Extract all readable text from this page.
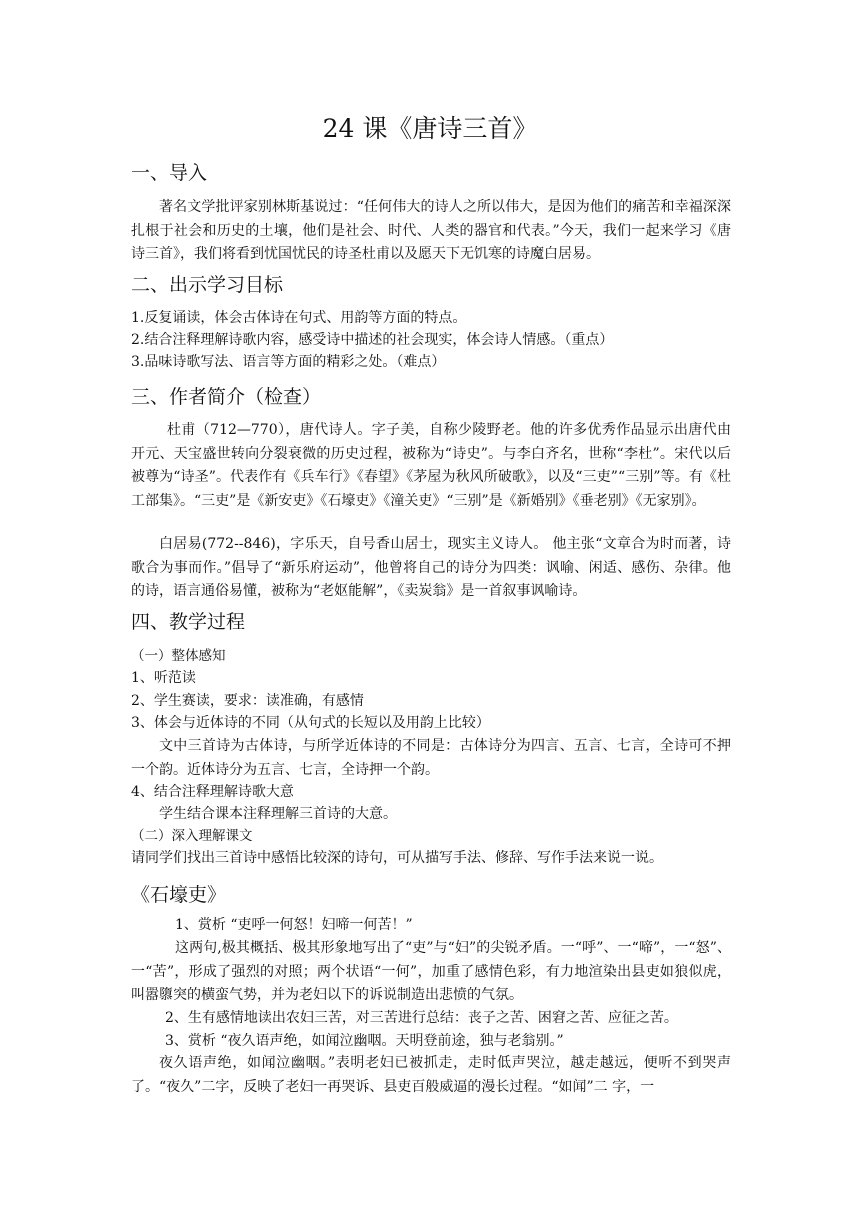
24 课《唐诗三首》
一、导入
著名文学批评家别林斯基说过：“任何伟大的诗人之所以伟大，是因为他们的痛苦和幸福深深扎根于社会和历史的土壤，他们是社会、时代、人类的器官和代表。”今天，我们一起来学习《唐诗三首》，我们将看到忧国忧民的诗圣杜甫以及愿天下无饥寒的诗魔白居易。
二、出示学习目标
1.反复诵读，体会古体诗在句式、用韵等方面的特点。
2.结合注释理解诗歌内容，感受诗中描述的社会现实，体会诗人情感。（重点）
3.品味诗歌写法、语言等方面的精彩之处。（难点）
三、作者简介（检查）
杜甫（712—770），唐代诗人。字子美，自称少陵野老。他的许多优秀作品显示出唐代由开元、天宝盛世转向分裂衰微的历史过程，被称为“诗史”。与李白齐名，世称“李杜”。宋代以后被尊为“诗圣”。代表作有《兵车行》《春望》《茅屋为秋风所破歌》，以及“三吏”“三别”等。有《杜工部集》。“三吏”是《新安吏》《石壕吏》《潼关吏》“三别”是《新婚别》《垂老别》《无家别》。
白居易(772--846)，字乐天，自号香山居士，现实主义诗人。 他主张“文章合为时而著，诗歌合为事而作。”倡导了“新乐府运动”，他曾将自己的诗分为四类：讽喻、闲适、感伤、杂律。他的诗，语言通俗易懂，被称为“老妪能解”，《卖炭翁》是一首叙事讽喻诗。
四、教学过程
（一）整体感知
1、听范读
2、学生赛读，要求：读准确，有感情
3、体会与近体诗的不同（从句式的长短以及用韵上比较）
文中三首诗为古体诗，与所学近体诗的不同是：古体诗分为四言、五言、七言，全诗可不押一个韵。近体诗分为五言、七言，全诗押一个韵。
4、结合注释理解诗歌大意
学生结合课本注释理解三首诗的大意。
（二）深入理解课文
请同学们找出三首诗中感悟比较深的诗句，可从描写手法、修辞、写作手法来说一说。
《石壕吏》
1、赏析 “吏呼一何怒！妇啼一何苦！”
这两句,极其概括、极其形象地写出了“吏”与“妇”的尖锐矛盾。一“呼”、一“啼”，一“怒”、一“苦”，形成了强烈的对照；两个状语“一何”，加重了感情色彩，有力地渲染出县吏如狼似虎，叫嚣隳突的横蛮气势，并为老妇以下的诉说制造出悲愤的气氛。
2、生有感情地读出农妇三苦，对三苦进行总结：丧子之苦、困窘之苦、应征之苦。
3、赏析 “夜久语声绝，如闻泣幽咽。天明登前途，独与老翁别。”
夜久语声绝，如闻泣幽咽。”表明老妇已被抓走，走时低声哭泣，越走越远，便听不到哭声了。“夜久”二字，反映了老妇一再哭诉、县吏百般威逼的漫长过程。“如闻”二 字，一
